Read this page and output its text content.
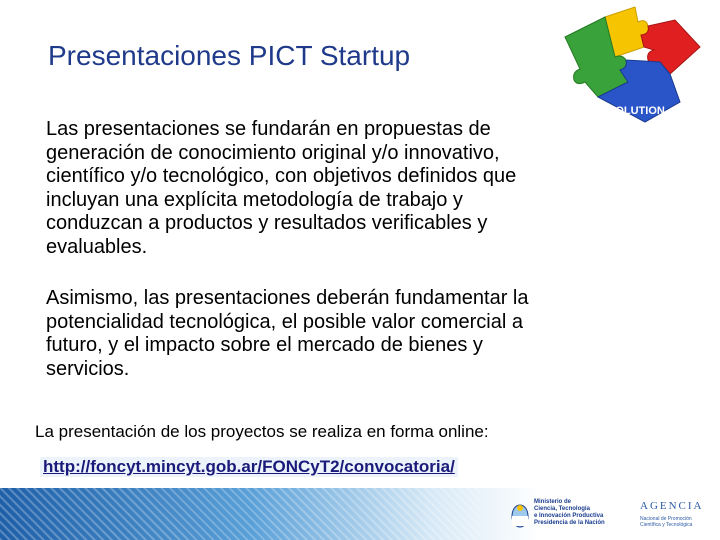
Presentaciones PICT Startup
SOLUTION
Las presentaciones se fundarán en propuestas de
generación de conocimiento original y/o innovativo,
científico y/o tecnológico, con objetivos definidos que
incluyan una explícita metodología de trabajo y
conduzcan a productos y resultados verificables y
evaluables.
Asimismo, las presentaciones deberán fundamentar la
potencialidad tecnológica, el posible valor comercial a
futuro, y el impacto sobre el mercado de bienes y
servicios.
La presentación de los proyectos se realiza en forma online:
http://foncyt.mincyt.gob.ar/FONCyT2/convocatoria/
Ministerio de
Ciencia, Tecnología
e Innovación Productiva
Presidencia de la Nación
AGENCIA
Nacional de Promoción Científica y Tecnológica
